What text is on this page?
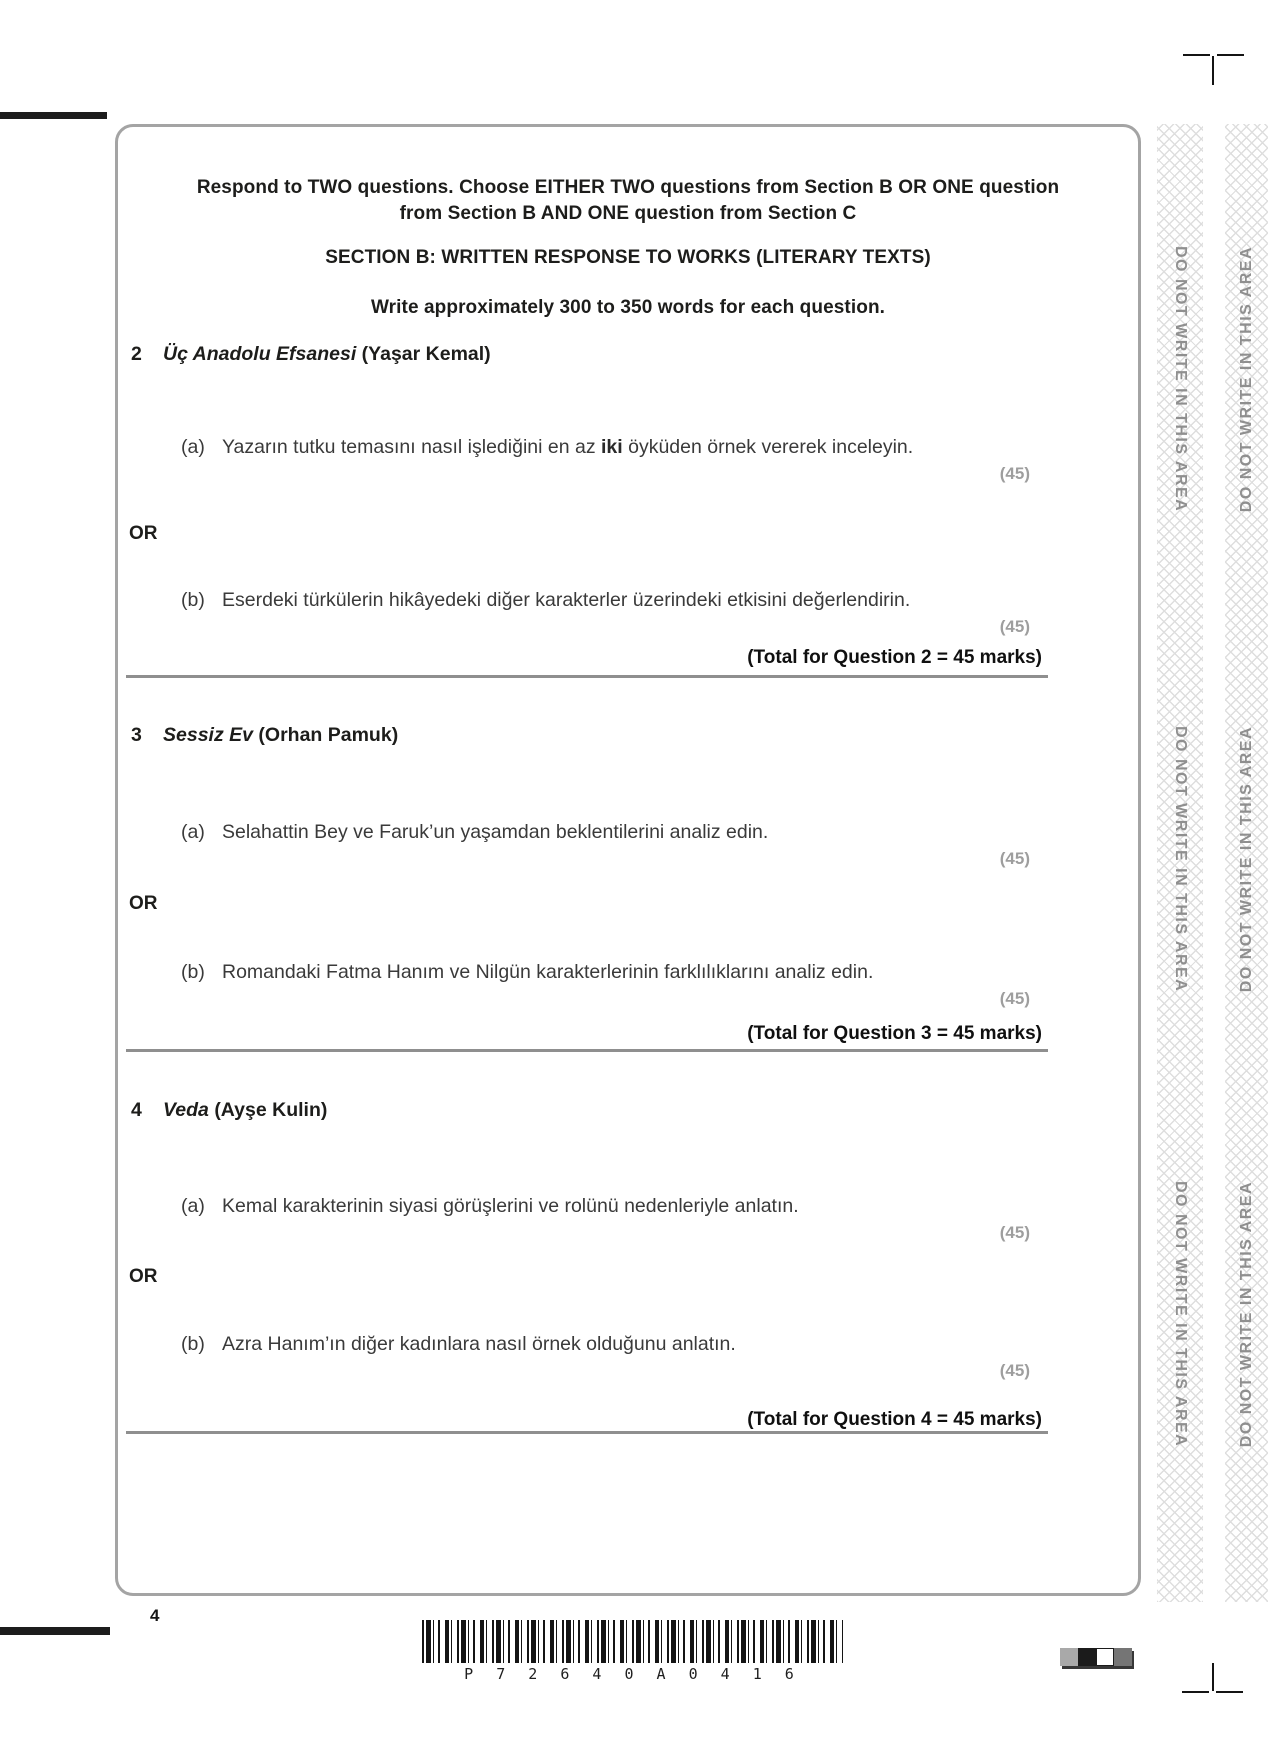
Respond to TWO questions. Choose EITHER TWO questions from Section B OR ONE question
from Section B AND ONE question from Section C
SECTION B: WRITTEN RESPONSE TO WORKS (LITERARY TEXTS)
Write approximately 300 to 350 words for each question.
2 Üç Anadolu Efsanesi (Yaşar Kemal)
(a) Yazarın tutku temasını nasıl işlediğini en az iki öyküden örnek vererek inceleyin.
(45)
OR
(b) Eserdeki türkülerin hikâyedeki diğer karakterler üzerindeki etkisini değerlendirin.
(45)
(Total for Question 2 = 45 marks)
3 Sessiz Ev (Orhan Pamuk)
(a) Selahattin Bey ve Faruk’un yaşamdan beklentilerini analiz edin.
(45)
OR
(b) Romandaki Fatma Hanım ve Nilgün karakterlerinin farklılıklarını analiz edin.
(45)
(Total for Question 3 = 45 marks)
4 Veda (Ayşe Kulin)
(a) Kemal karakterinin siyasi görüşlerini ve rolünü nedenleriyle anlatın.
(45)
OR
(b) Azra Hanım’ın diğer kadınlara nasıl örnek olduğunu anlatın.
(45)
(Total for Question 4 = 45 marks)
DO NOT WRITE IN THIS AREA
DO NOT WRITE IN THIS AREA
DO NOT WRITE IN THIS AREA
DO NOT WRITE IN THIS AREA
DO NOT WRITE IN THIS AREA
DO NOT WRITE IN THIS AREA
4
P 7 2 6 4 0 A 0 4 1 6
